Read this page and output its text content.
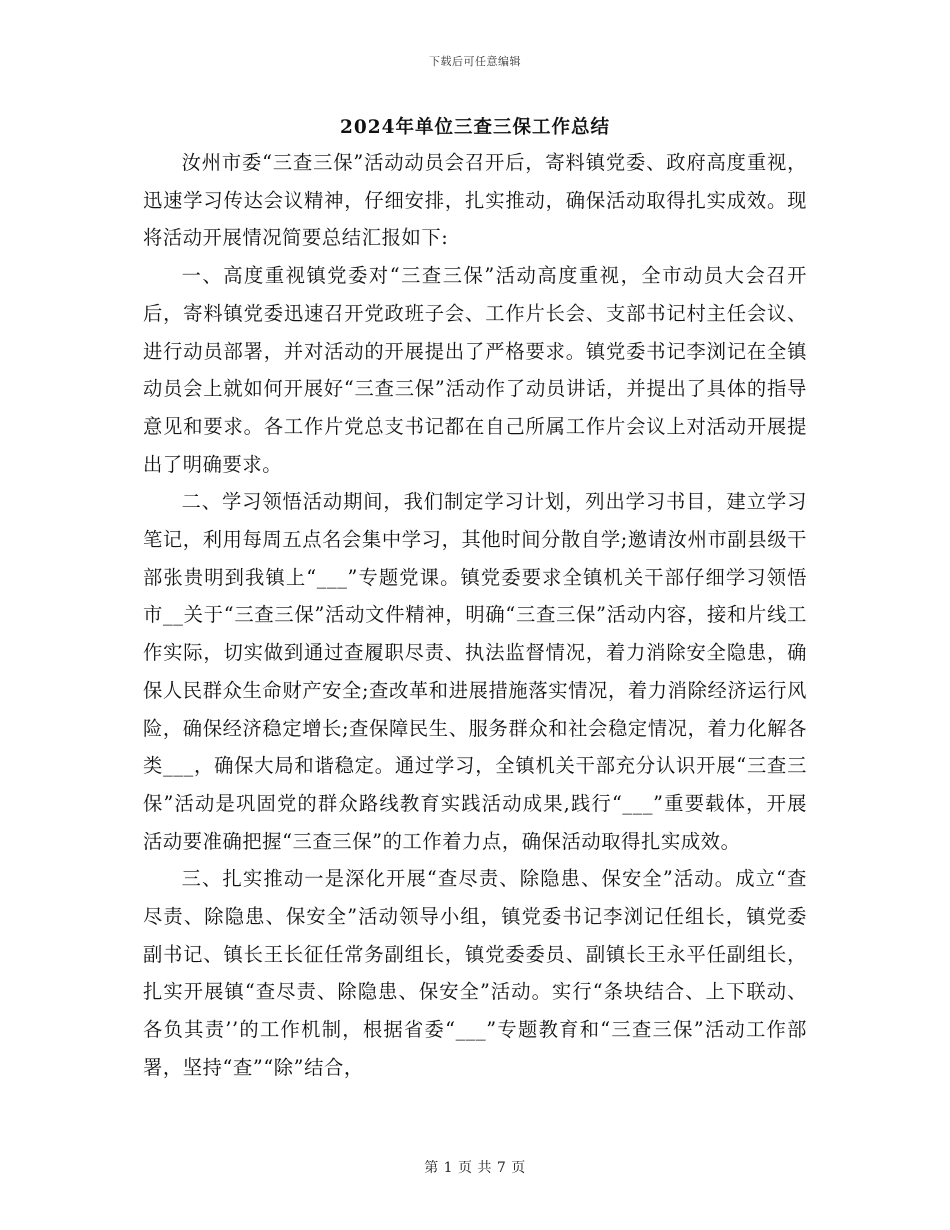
下载后可任意编辑
2024年单位三查三保工作总结

汝州市委“三查三保”活动动员会召开后，寄料镇党委、政府高度重视，迅速学习传达会议精神，仔细安排，扎实推动，确保活动取得扎实成效。现将活动开展情况简要总结汇报如下:

一、高度重视镇党委对“三查三保”活动高度重视，全市动员大会召开后，寄料镇党委迅速召开党政班子会、工作片长会、支部书记村主任会议、进行动员部署，并对活动的开展提出了严格要求。镇党委书记李浏记在全镇动员会上就如何开展好“三查三保”活动作了动员讲话，并提出了具体的指导意见和要求。各工作片党总支书记都在自己所属工作片会议上对活动开展提出了明确要求。

二、学习领悟活动期间，我们制定学习计划，列出学习书目，建立学习笔记，利用每周五点名会集中学习，其他时间分散自学;邀请汝州市副县级干部张贵明到我镇上“___”专题党课。镇党委要求全镇机关干部仔细学习领悟市__关于“三查三保”活动文件精神，明确“三查三保”活动内容，接和片线工作实际，切实做到通过查履职尽责、执法监督情况，着力消除安全隐患，确保人民群众生命财产安全;查改革和进展措施落实情况，着力消除经济运行风险，确保经济稳定增长;查保障民生、服务群众和社会稳定情况，着力化解各类___，确保大局和谐稳定。通过学习，全镇机关干部充分认识开展“三查三保”活动是巩固党的群众路线教育实践活动成果,践行“___”重要载体，开展活动要准确把握“三查三保”的工作着力点，确保活动取得扎实成效。

三、扎实推动一是深化开展“查尽责、除隐患、保安全”活动。成立“查尽责、除隐患、保安全”活动领导小组，镇党委书记李浏记任组长，镇党委副书记、镇长王长征任常务副组长，镇党委委员、副镇长王永平任副组长，扎实开展镇“查尽责、除隐患、保安全”活动。实行“条块结合、上下联动、各负其责’’的工作机制，根据省委“___”专题教育和“三查三保”活动工作部署，坚持“查”“除”结合，

第 1 页 共 7 页
